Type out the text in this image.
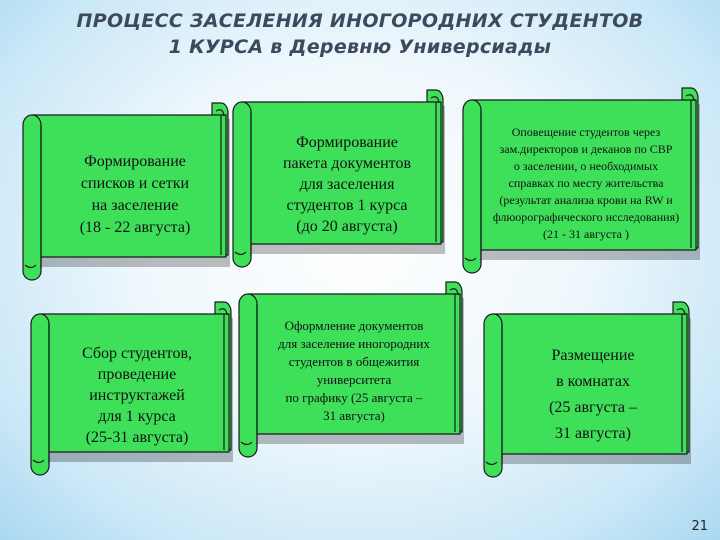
ПРОЦЕСС ЗАСЕЛЕНИЯ ИНОГОРОДНИХ СТУДЕНТОВ
1 КУРСА в Деревню Универсиады
Формирование
списков и сетки
на заселение
(18 - 22 августа)
Формирование
пакета документов
для заселения
студентов 1 курса
(до 20 августа)
Оповещение студентов через
зам.директоров и деканов по СВР
о заселении, о необходимых
справках по месту жительства
(результат анализа крови на RW и
флюорографического исследования)
(21 - 31 августа )
Сбор студентов,
проведение
инструктажей
для 1 курса
(25-31 августа)
Оформление документов
для заселение иногородних
студентов в общежития
университета
по графику (25 августа –
31 августа)
Размещение
в комнатах
(25 августа –
31 августа)
21
